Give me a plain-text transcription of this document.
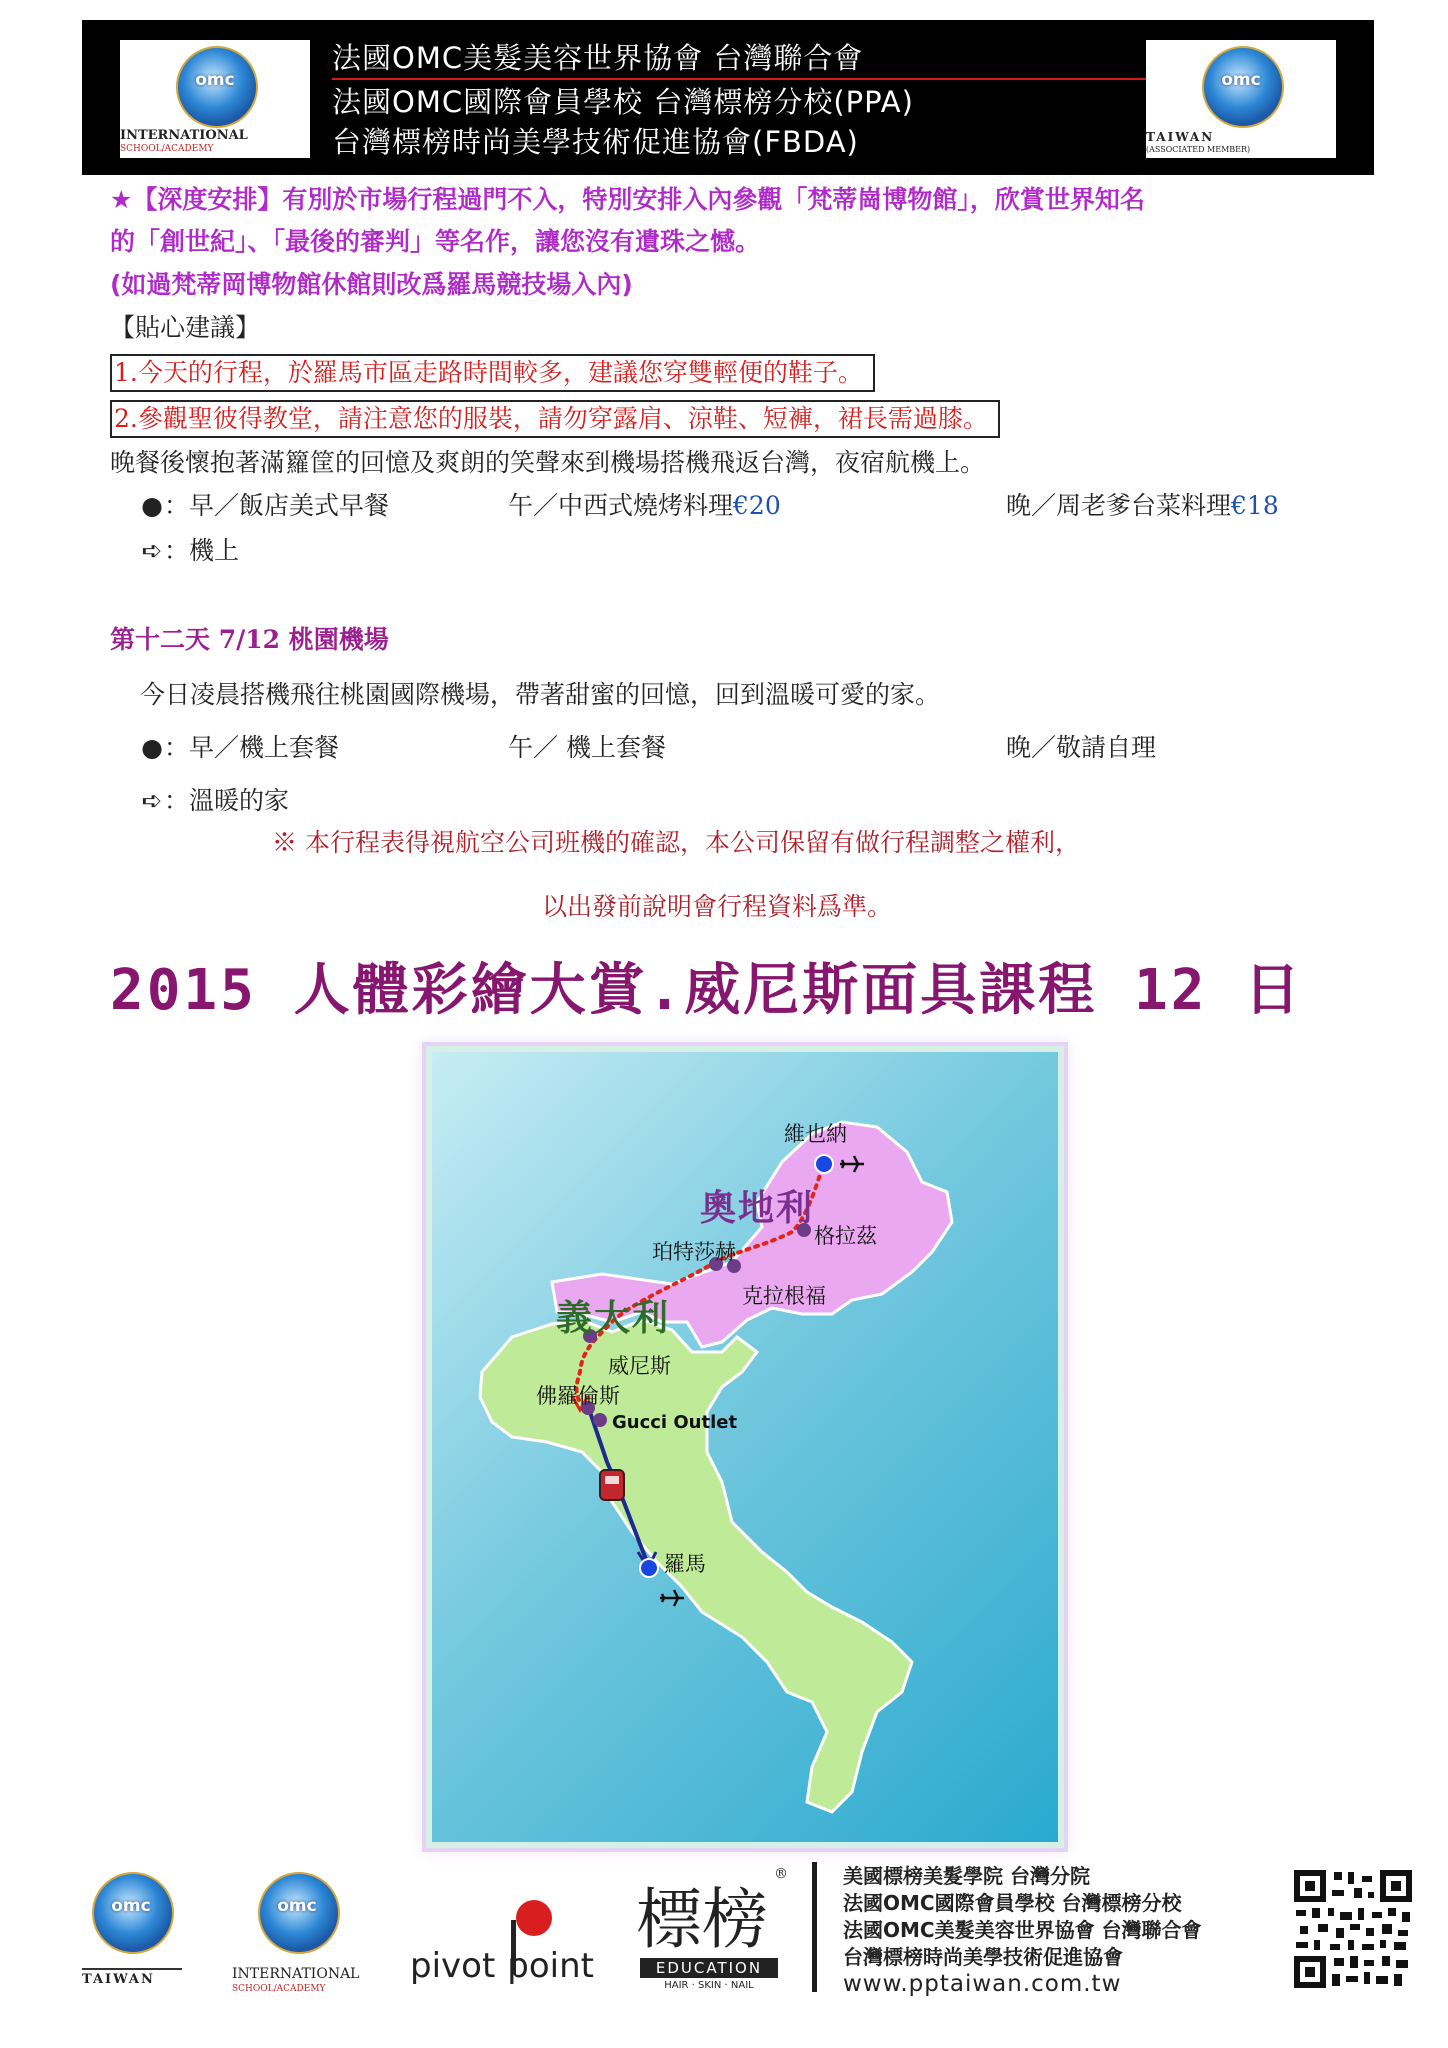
omc
INTERNATIONAL
SCHOOL/ACADEMY
法國OMC美髮美容世界協會 台灣聯合會
法國OMC國際會員學校 台灣標榜分校(PPA)
台灣標榜時尚美學技術促進協會(FBDA)
omc
TAIWAN
(ASSOCIATED MEMBER)
★【深度安排】有別於市場行程過門不入，特別安排入內參觀「梵蒂崗博物館」，欣賞世界知名
的「創世紀」、「最後的審判」等名作，讓您沒有遺珠之憾。
(如過梵蒂岡博物館休館則改爲羅馬競技場入內)
【貼心建議】
1.今天的行程，於羅馬市區走路時間較多，建議您穿雙輕便的鞋子。
2.參觀聖彼得教堂，請注意您的服裝，請勿穿露肩、涼鞋、短褲，裙長需過膝。
晚餐後懷抱著滿籮筐的回憶及爽朗的笑聲來到機場搭機飛返台灣，夜宿航機上。
●：早／飯店美式早餐	午／中西式燒烤料理€20	晚／周老爹台菜料理€18
➪：機上
第十二天 7/12 桃園機場
今日凌晨搭機飛往桃園國際機場，帶著甜蜜的回憶，回到溫暖可愛的家。
●：早／機上套餐	午／ 機上套餐	晚／敬請自理
➪：溫暖的家
※ 本行程表得視航空公司班機的確認，本公司保留有做行程調整之權利，
以出發前說明會行程資料爲準。
2015 人體彩繪大賞.威尼斯面具課程 12 日
奧地利
義大利
維也納
格拉茲
珀特莎赫
克拉根福
威尼斯
佛羅倫斯
Gucci Outlet
羅馬
omc
TAIWAN
omc
INTERNATIONAL
SCHOOL/ACADEMY
pivot point
標榜
®
EDUCATION
HAIR · SKIN · NAIL
美國標榜美髮學院 台灣分院
法國OMC國際會員學校 台灣標榜分校
法國OMC美髮美容世界協會 台灣聯合會
台灣標榜時尚美學技術促進協會
www.pptaiwan.com.tw
